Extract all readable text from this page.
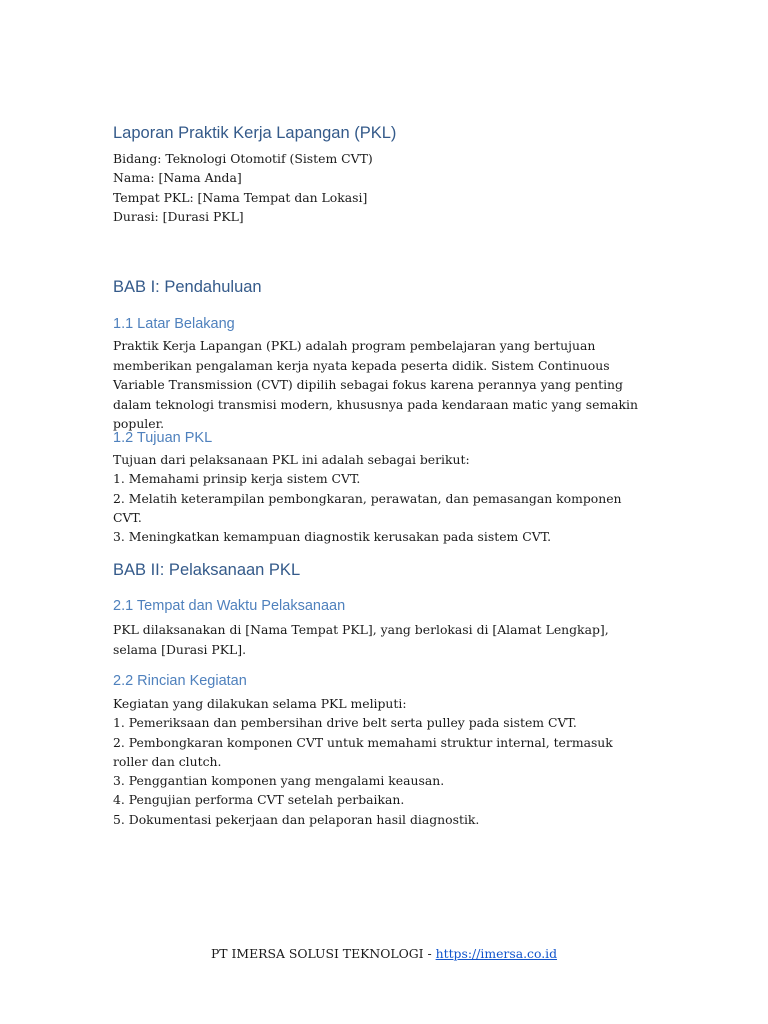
Laporan Praktik Kerja Lapangan (PKL)
Bidang: Teknologi Otomotif (Sistem CVT)
Nama: [Nama Anda]
Tempat PKL: [Nama Tempat dan Lokasi]
Durasi: [Durasi PKL]
BAB I: Pendahuluan
1.1 Latar Belakang

Praktik Kerja Lapangan (PKL) adalah program pembelajaran yang bertujuan memberikan pengalaman kerja nyata kepada peserta didik. Sistem Continuous Variable Transmission (CVT) dipilih sebagai fokus karena perannya yang penting dalam teknologi transmisi modern, khususnya pada kendaraan matic yang semakin populer.

1.2 Tujuan PKL
Tujuan dari pelaksanaan PKL ini adalah sebagai berikut:
1. Memahami prinsip kerja sistem CVT.
2. Melatih keterampilan pembongkaran, perawatan, dan pemasangan komponen CVT.
3. Meningkatkan kemampuan diagnostik kerusakan pada sistem CVT.
BAB II: Pelaksanaan PKL
2.1 Tempat dan Waktu Pelaksanaan

PKL dilaksanakan di [Nama Tempat PKL], yang berlokasi di [Alamat Lengkap], selama [Durasi PKL].

2.2 Rincian Kegiatan
Kegiatan yang dilakukan selama PKL meliputi:
1. Pemeriksaan dan pembersihan drive belt serta pulley pada sistem CVT.
2. Pembongkaran komponen CVT untuk memahami struktur internal, termasuk roller dan clutch.
3. Penggantian komponen yang mengalami keausan.
4. Pengujian performa CVT setelah perbaikan.
5. Dokumentasi pekerjaan dan pelaporan hasil diagnostik.
PT IMERSA SOLUSI TEKNOLOGI - https://imersa.co.id
